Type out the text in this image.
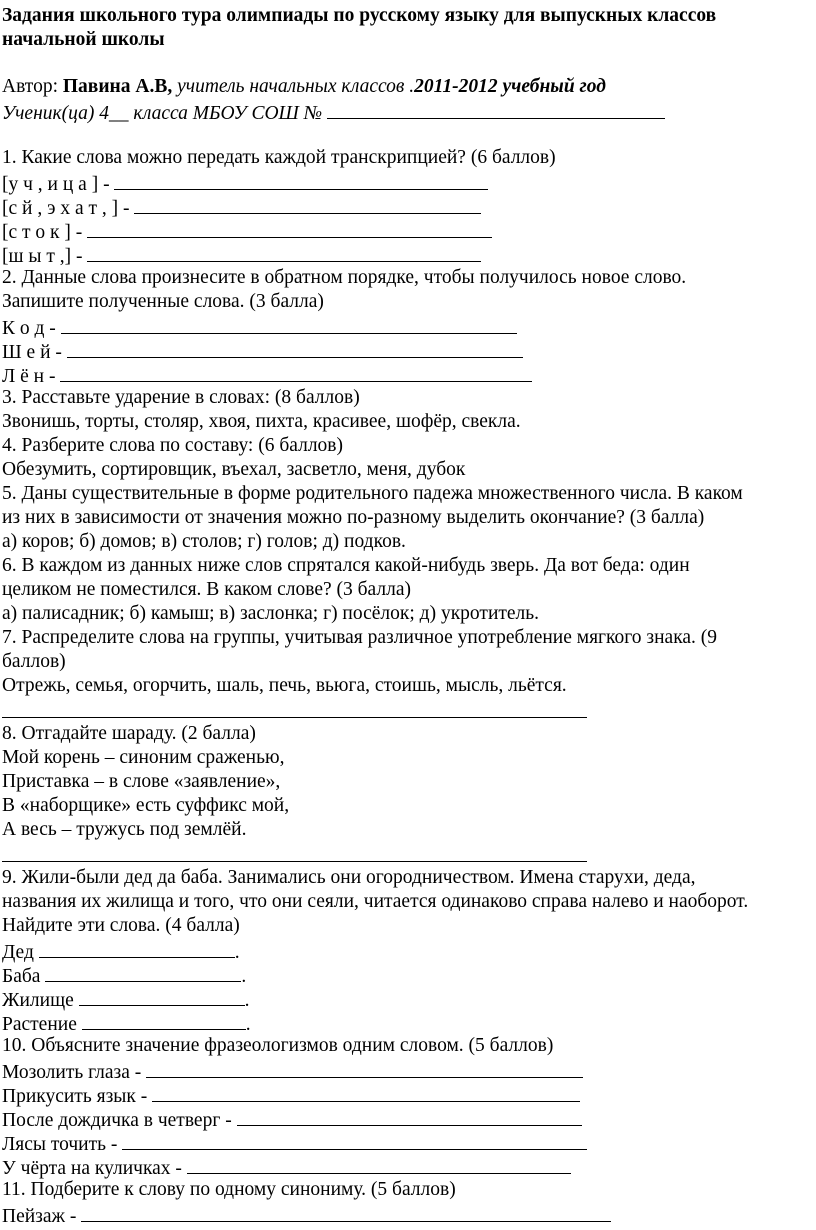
Задания школьного тура олимпиады по русскому языку для выпускных классов
начальной школы
Автор: Павина А.В, учитель начальных классов .2011-2012 учебный год
Ученик(ца) 4__ класса МБОУ СОШ №
1. Какие слова можно передать каждой транскрипцией? (6 баллов)
[у ч , и ц а ] -
[с й , э х а т , ] -
[с т о к ] -
[ш ы т ,] -
2. Данные слова произнесите в обратном порядке, чтобы получилось новое слово.
Запишите полученные слова. (3 балла)
К о д -
Ш е й -
Л ё н -
3. Расставьте ударение в словах: (8 баллов)
Звонишь, торты, столяр, хвоя, пихта, красивее, шофёр, свекла.
4. Разберите слова по составу: (6 баллов)
Обезумить, сортировщик, въехал, засветло, меня, дубок
5. Даны существительные в форме родительного падежа множественного числа. В каком
из них в зависимости от значения можно по-разному выделить окончание? (3 балла)
а) коров; б) домов; в) столов; г) голов; д) подков.
6. В каждом из данных ниже слов спрятался какой-нибудь зверь. Да вот беда: один
целиком не поместился. В каком слове? (3 балла)
а) палисадник; б) камыш; в) заслонка; г) посёлок; д) укротитель.
7. Распределите слова на группы, учитывая различное употребление мягкого знака. (9
баллов)
Отрежь, семья, огорчить, шаль, печь, вьюга, стоишь, мысль, льётся.
8. Отгадайте шараду. (2 балла)
Мой корень – синоним сраженью,
Приставка – в слове «заявление»,
В «наборщике» есть суффикс мой,
А весь – тружусь под землёй.
9. Жили-были дед да баба. Занимались они огородничеством. Имена старухи, деда,
названия их жилища и того, что они сеяли, читается одинаково справа налево и наоборот.
Найдите эти слова. (4 балла)
Дед	.
Баба	.
Жилище	.
Растение	.
10. Объясните значение фразеологизмов одним словом. (5 баллов)
Мозолить глаза -
Прикусить язык -
После дождичка в четверг -
Лясы точить -
У чёрта на куличках -
11. Подберите к слову по одному синониму. (5 баллов)
Пейзаж -
